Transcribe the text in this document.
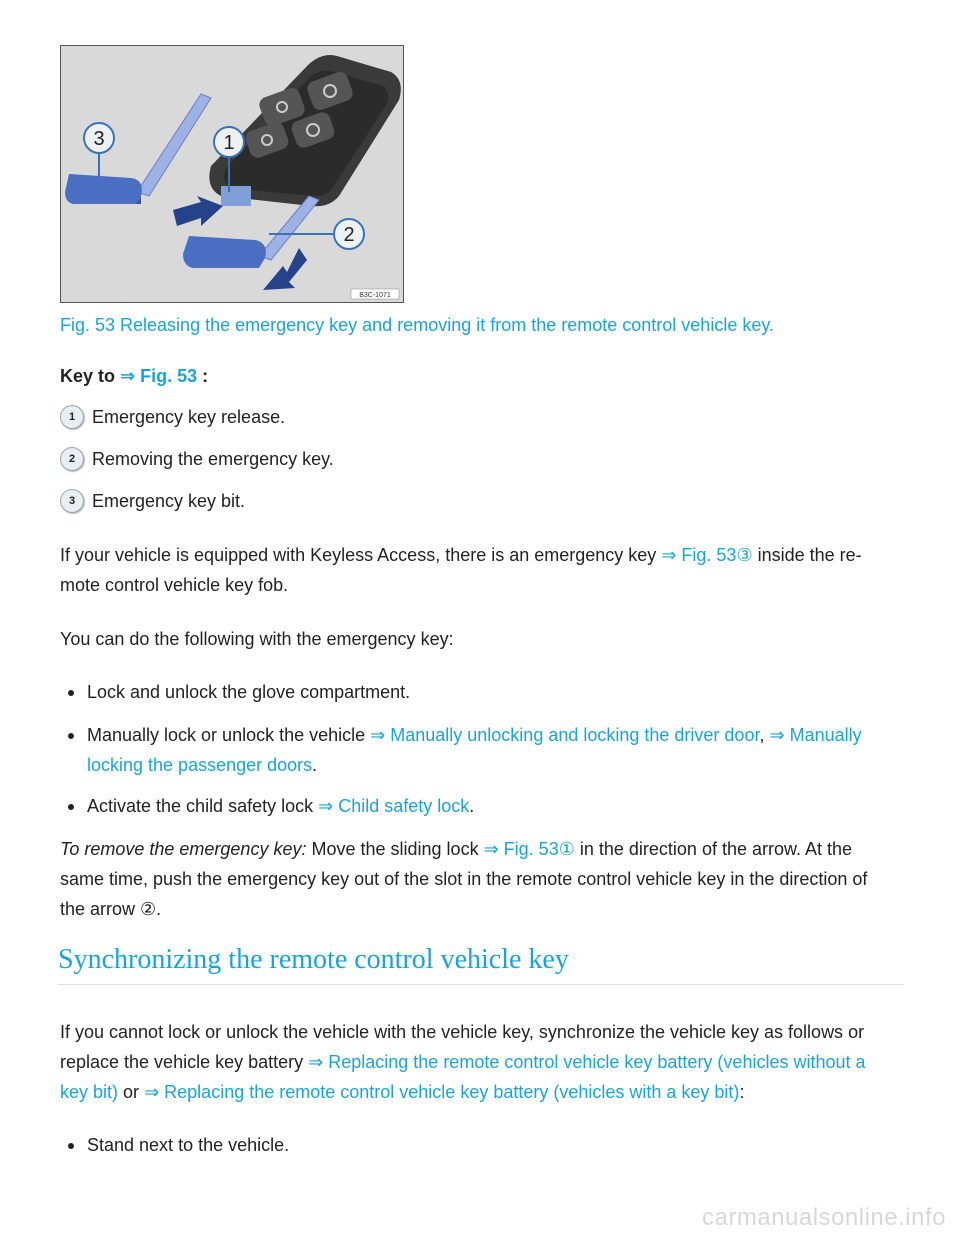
1
3
2
B3C-1071
Fig. 53 Releasing the emergency key and removing it from the remote control vehicle key.
Key to ⇒ Fig. 53 :
1 Emergency key release.
2 Removing the emergency key.
3 Emergency key bit.
If your vehicle is equipped with Keyless Access, there is an emergency key ⇒ Fig. 53③ inside the re-
mote control vehicle key fob.
You can do the following with the emergency key:
Lock and unlock the glove compartment.
Manually lock or unlock the vehicle ⇒ Manually unlocking and locking the driver door, ⇒ Manually
locking the passenger doors.
Activate the child safety lock ⇒ Child safety lock.
To remove the emergency key: Move the sliding lock ⇒ Fig. 53① in the direction of the arrow. At the
same time, push the emergency key out of the slot in the remote control vehicle key in the direction of
the arrow ②.
Synchronizing the remote control vehicle key
If you cannot lock or unlock the vehicle with the vehicle key, synchronize the vehicle key as follows or
replace the vehicle key battery ⇒ Replacing the remote control vehicle key battery (vehicles without a
key bit) or ⇒ Replacing the remote control vehicle key battery (vehicles with a key bit):
Stand next to the vehicle.
carmanualsonline.info
